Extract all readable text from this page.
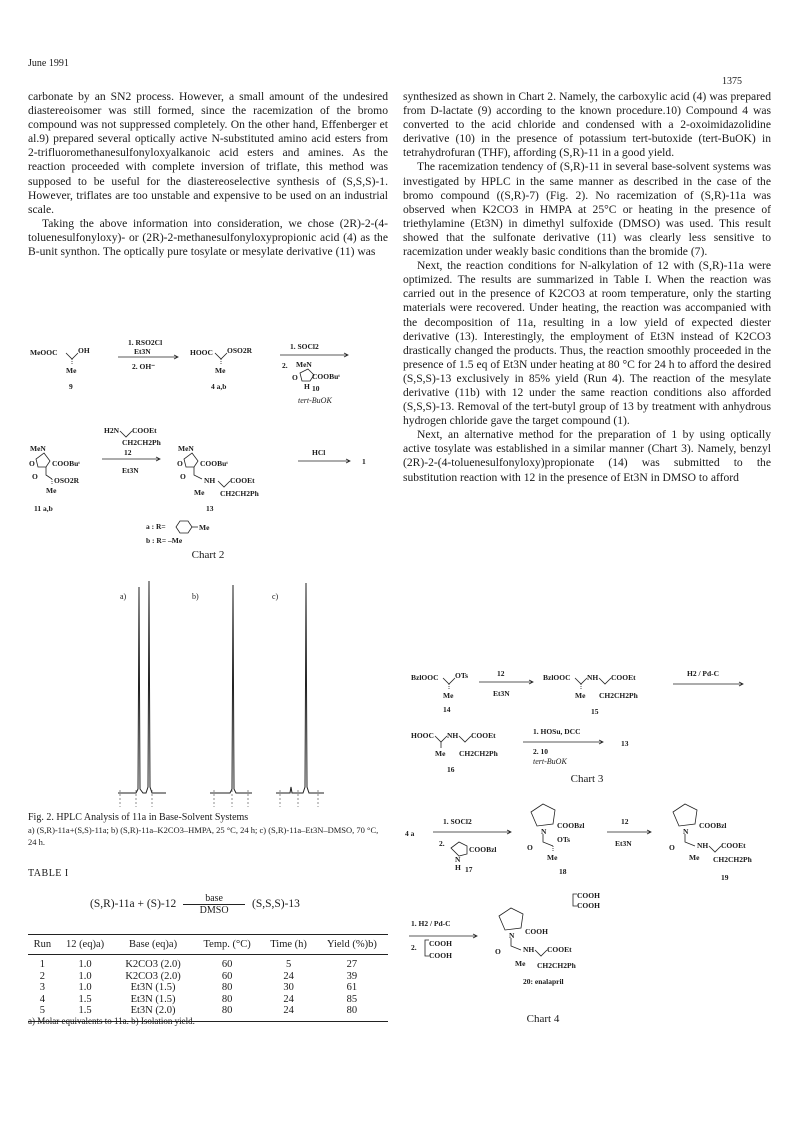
June 1991
1375

carbonate by an SN2 process. However, a small amount of the undesired diastereoisomer was still formed, since the racemization of the bromo compound was not suppressed completely. On the other hand, Effenberger et al.9) prepared several optically active N-substituted amino acid esters from 2-trifluoromethanesulfonyloxyalkanoic acid esters and amines. As the reaction proceeded with complete inversion of triflate, this method was supposed to be useful for the diastereoselective synthesis of (S,S,S)-1. However, triflates are too unstable and expensive to be used on an industrial scale.

Taking the above information into consideration, we chose (2R)-2-(4-toluenesulfonyloxy)- or (2R)-2-methanesulfonyloxypropionic acid (4) as the B-unit synthon. The optically pure tosylate or mesylate derivative (11) was

MeOOC	OH
Me
9
1. RSO2Cl
Et3N
2. OH⁻
HOOC OSO2R
Me
4 a,b
1. SOCl2
2. MeN
O COOBuᵗ
H 10
tert-BuOK
MeN
O COOBuᵗ
O OSO2R
Me
11 a,b
H2N COOEt
CH2CH2Ph
12
Et3N
MeN
O COOBuᵗ
O NH COOEt
Me CH2CH2Ph
13
HCl
1
a : R=	Me
b : R= –Me
Chart 2
a)	b)	c)
Fig. 2. HPLC Analysis of 11a in Base-Solvent Systems
a) (S,R)-11a+(S,S)-11a; b) (S,R)-11a–K2CO3–HMPA, 25 °C, 24 h; c) (S,R)-11a–Et3N–DMSO, 70 °C, 24 h.
TABLE I
(S,R)-11a + (S)-12	base
DMSO
(S,S,S)-13
Run	12 (eq)a)	Base (eq)a)	Temp. (°C)	Time (h)	Yield (%)b)
1	1.0	K2CO3 (2.0)	60	5	27
2	1.0	K2CO3 (2.0)	60	24	39
3	1.0	Et3N (1.5)	80	30	61
4	1.5	Et3N (1.5)	80	24	85
5	1.5	Et3N (2.0)	80	24	80
a) Molar equivalents to 11a. b) Isolation yield.

synthesized as shown in Chart 2. Namely, the carboxylic acid (4) was prepared from D-lactate (9) according to the known procedure.10) Compound 4 was converted to the acid chloride and condensed with a 2-oxoimidazolidine derivative (10) in the presence of potassium tert-butoxide (tert-BuOK) in tetrahydrofuran (THF), affording (S,R)-11 in a good yield.

The racemization tendency of (S,R)-11 in several base-solvent systems was investigated by HPLC in the same manner as described in the case of the bromo compound ((S,R)-7) (Fig. 2). No racemization of (S,R)-11a was observed when K2CO3 in HMPA at 25°C or heating in the presence of triethylamine (Et3N) in dimethyl sulfoxide (DMSO) was used. This result showed that the sulfonate derivative (11) was clearly less sensitive to racemization under weakly basic conditions than the bromide (7).

Next, the reaction conditions for N-alkylation of 12 with (S,R)-11a were optimized. The results are summarized in Table I. When the reaction was carried out in the presence of K2CO3 at room temperature, only the starting materials were recovered. Under heating, the reaction was accompanied with the decomposition of 11a, resulting in a low yield of expected diester derivative (13). Interestingly, the employment of Et3N instead of K2CO3 drastically changed the products. Thus, the reaction smoothly proceeded in the presence of 1.5 eq of Et3N under heating at 80 °C for 24 h to afford the desired (S,S,S)-13 exclusively in 85% yield (Run 4). The reaction of the mesylate derivative (11b) with 12 under the same reaction conditions also afforded (S,S,S)-13. Removal of the tert-butyl group of 13 by treatment with anhydrous hydrogen chloride gave the target compound (1).

Next, an alternative method for the preparation of 1 by using optically active tosylate was established in a similar manner (Chart 3). Namely, benzyl (2R)-2-(4-toluenesulfonyloxy)propionate (14) was submitted to the substitution reaction with 12 in the presence of Et3N in DMSO to afford

BzlOOC OTs
Me
14
12
Et3N
BzlOOC NH COOEt
Me CH2CH2Ph
15
H2 / Pd-C
HOOC NH COOEt
Me CH2CH2Ph
16
1. HOSu, DCC
2. 10
tert-BuOK
13
Chart 3
4 a
1. SOCl2
2.
N
COOBzl
H 17
N
COOBzl
O
OTs
Me
18
12
Et3N
N
COOBzl
O	NH COOEt
Me CH2CH2Ph
19
1. H2 / Pd-C
2. COOH
COOH
N COOH
O	NH COOEt
Me CH2CH2Ph
20: enalapril
COOH
COOH
Chart 4
